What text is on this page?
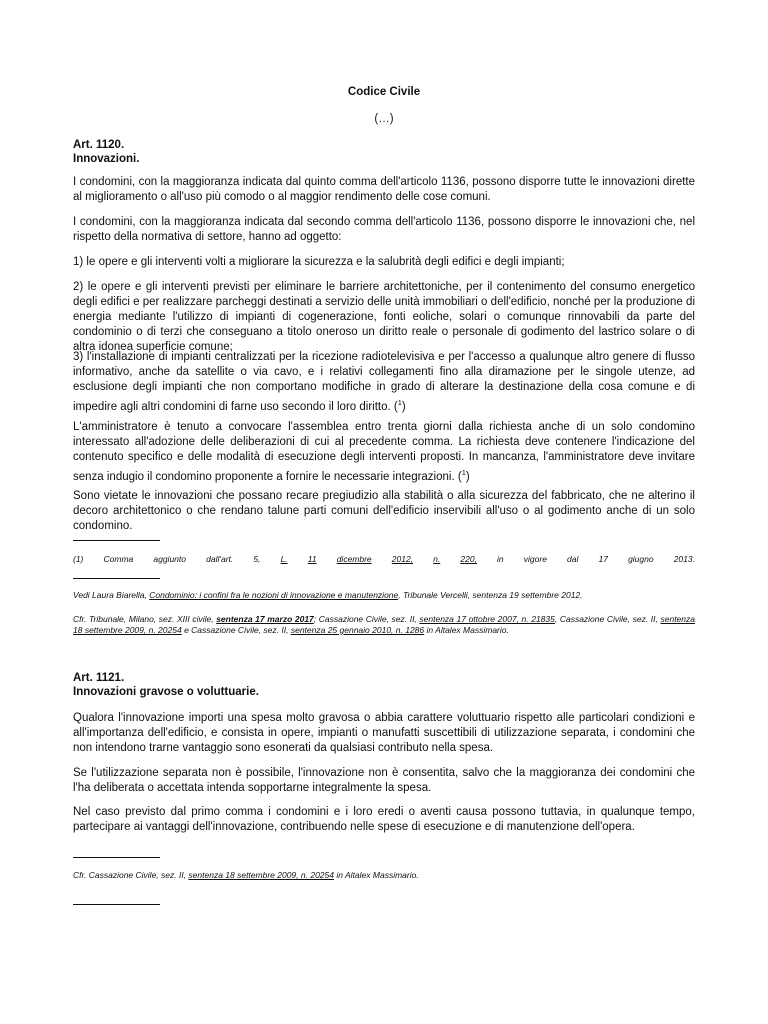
Codice Civile
(…)
Art. 1120.
Innovazioni.
I condomini, con la maggioranza indicata dal quinto comma dell'articolo 1136, possono disporre tutte le innovazioni dirette al miglioramento o all'uso più comodo o al maggior rendimento delle cose comuni.
I condomini, con la maggioranza indicata dal secondo comma dell'articolo 1136, possono disporre le innovazioni che, nel rispetto della normativa di settore, hanno ad oggetto:
1) le opere e gli interventi volti a migliorare la sicurezza e la salubrità degli edifici e degli impianti;
2) le opere e gli interventi previsti per eliminare le barriere architettoniche, per il contenimento del consumo energetico degli edifici e per realizzare parcheggi destinati a servizio delle unità immobiliari o dell'edificio, nonché per la produzione di energia mediante l'utilizzo di impianti di cogenerazione, fonti eoliche, solari o comunque rinnovabili da parte del condominio o di terzi che conseguano a titolo oneroso un diritto reale o personale di godimento del lastrico solare o di altra idonea superficie comune;
3) l'installazione di impianti centralizzati per la ricezione radiotelevisiva e per l'accesso a qualunque altro genere di flusso informativo, anche da satellite o via cavo, e i relativi collegamenti fino alla diramazione per le singole utenze, ad esclusione degli impianti che non comportano modifiche in grado di alterare la destinazione della cosa comune e di impedire agli altri condomini di farne uso secondo il loro diritto. ($^1$)
L'amministratore è tenuto a convocare l'assemblea entro trenta giorni dalla richiesta anche di un solo condomino interessato all'adozione delle deliberazioni di cui al precedente comma. La richiesta deve contenere l'indicazione del contenuto specifico e delle modalità di esecuzione degli interventi proposti. In mancanza, l'amministratore deve invitare senza indugio il condomino proponente a fornire le necessarie integrazioni. ($^1$)
Sono vietate le innovazioni che possano recare pregiudizio alla stabilità o alla sicurezza del fabbricato, che ne alterino il decoro architettonico o che rendano talune parti comuni dell'edificio inservibili all'uso o al godimento anche di un solo condomino.
(1) Comma aggiunto dall'art. 5, L. 11 dicembre 2012, n. 220, in vigore dal 17 giugno 2013.
Vedi Laura Biarella, Condominio: i confini fra le nozioni di innovazione e manutenzione, Tribunale Vercelli, sentenza 19 settembre 2012.
Cfr. Tribunale, Milano, sez. XIII civile, sentenza 17 marzo 2017; Cassazione Civile, sez. II, sentenza 17 ottobre 2007, n. 21835, Cassazione Civile, sez. II, sentenza 18 settembre 2009, n. 20254 e Cassazione Civile, sez. II, sentenza 25 gennaio 2010, n. 1286 in Altalex Massimario.
Art. 1121.
Innovazioni gravose o voluttuarie.
Qualora l'innovazione importi una spesa molto gravosa o abbia carattere voluttuario rispetto alle particolari condizioni e all'importanza dell'edificio, e consista in opere, impianti o manufatti suscettibili di utilizzazione separata, i condomini che non intendono trarne vantaggio sono esonerati da qualsiasi contributo nella spesa.
Se l'utilizzazione separata non è possibile, l'innovazione non è consentita, salvo che la maggioranza dei condomini che l'ha deliberata o accettata intenda sopportarne integralmente la spesa.
Nel caso previsto dal primo comma i condomini e i loro eredi o aventi causa possono tuttavia, in qualunque tempo, partecipare ai vantaggi dell'innovazione, contribuendo nelle spese di esecuzione e di manutenzione dell'opera.
Cfr. Cassazione Civile, sez. II, sentenza 18 settembre 2009, n. 20254 in Altalex Massimario.
